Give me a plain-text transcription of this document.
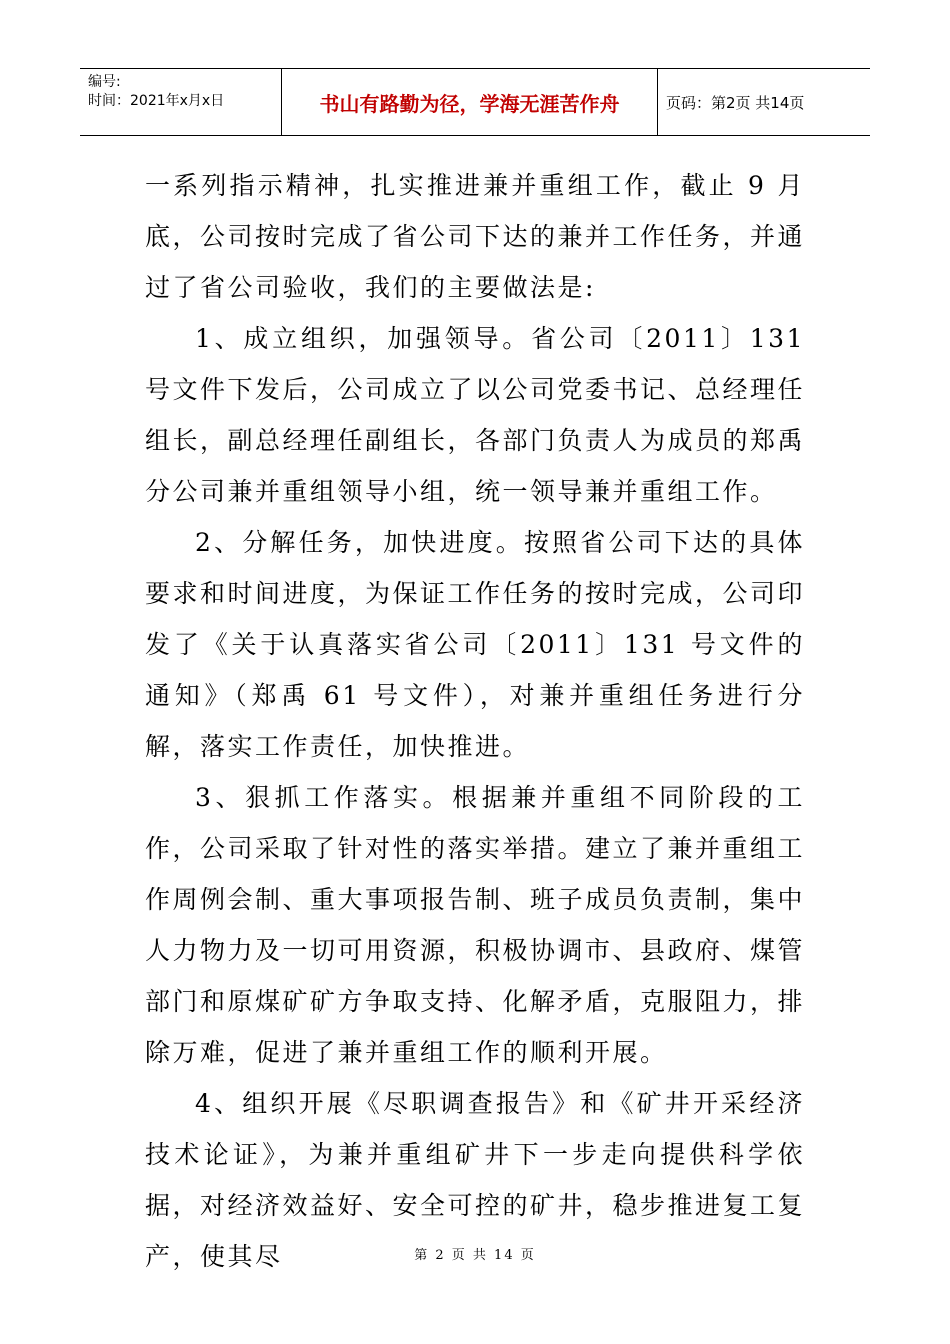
编号:
时间：2021年x月x日	书山有路勤为径，学海无涯苦作舟	页码：第2页 共14页

一系列指示精神，扎实推进兼并重组工作，截止 9 月底，公司按时完成了省公司下达的兼并工作任务，并通过了省公司验收，我们的主要做法是:

1、成立组织，加强领导。省公司〔2011〕131 号文件下发后，公司成立了以公司党委书记、总经理任组长，副总经理任副组长，各部门负责人为成员的郑禹分公司兼并重组领导小组，统一领导兼并重组工作。

2、分解任务，加快进度。按照省公司下达的具体要求和时间进度，为保证工作任务的按时完成，公司印发了《关于认真落实省公司〔2011〕131 号文件的通知》（郑禹 61 号文件），对兼并重组任务进行分解，落实工作责任，加快推进。

3、狠抓工作落实。根据兼并重组不同阶段的工作，公司采取了针对性的落实举措。建立了兼并重组工作周例会制、重大事项报告制、班子成员负责制，集中人力物力及一切可用资源，积极协调市、县政府、煤管部门和原煤矿矿方争取支持、化解矛盾，克服阻力，排除万难，促进了兼并重组工作的顺利开展。

4、组织开展《尽职调查报告》和《矿井开采经济技术论证》，为兼并重组矿井下一步走向提供科学依据，对经济效益好、安全可控的矿井，稳步推进复工复产，使其尽	第 2 页 共 14 页
